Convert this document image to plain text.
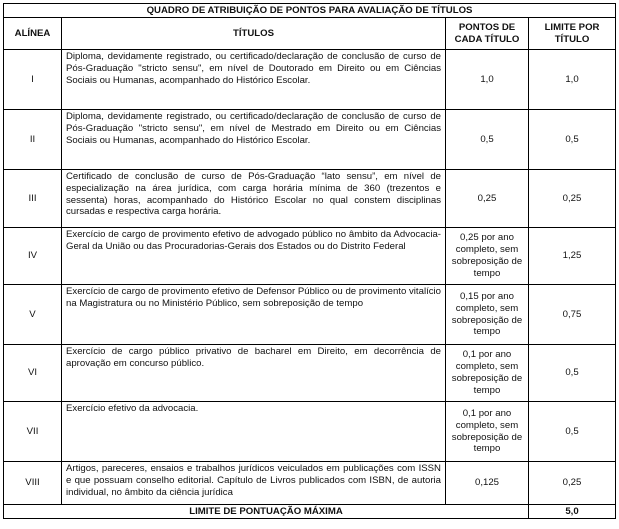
QUADRO DE ATRIBUIÇÃO DE PONTOS PARA AVALIAÇÃO DE TÍTULOS			
ALÍNEA	TÍTULOS	PONTOS DE CADA TÍTULO	LIMITE POR TÍTULO
I	Diploma, devidamente registrado, ou certificado/declaração de conclusão de curso de Pós-Graduação "stricto sensu", em nível de Doutorado em Direito ou em Ciências Sociais ou Humanas, acompanhado do Histórico Escolar.	1,0	1,0
II	Diploma, devidamente registrado, ou certificado/declaração de conclusão de curso de Pós-Graduação "stricto sensu", em nível de Mestrado em Direito ou em Ciências Sociais ou Humanas, acompanhado do Histórico Escolar.	0,5	0,5
III	Certificado de conclusão de curso de Pós-Graduação “lato sensu”, em nível de especialização na área jurídica, com carga horária mínima de 360 (trezentos e sessenta) horas, acompanhado do Histórico Escolar no qual constem disciplinas cursadas e respectiva carga horária.	0,25	0,25
IV	Exercício de cargo de provimento efetivo de advogado público no âmbito da Advocacia-Geral da União ou das Procuradorias-Gerais dos Estados ou do Distrito Federal	0,25 por ano completo, sem sobreposição de tempo	1,25
V	Exercício de cargo de provimento efetivo de Defensor Público ou de provimento vitalício na Magistratura ou no Ministério Público, sem sobreposição de tempo	0,15 por ano completo, sem sobreposição de tempo	0,75
VI	Exercício de cargo público privativo de bacharel em Direito, em decorrência de aprovação em concurso público.	0,1 por ano completo, sem sobreposição de tempo	0,5
VII	Exercício efetivo da advocacia.	0,1 por ano completo, sem sobreposição de tempo	0,5
VIII	Artigos, pareceres, ensaios e trabalhos jurídicos veiculados em publicações com ISSN e que possuam conselho editorial. Capítulo de Livros publicados com ISBN, de autoria individual, no âmbito da ciência jurídica	0,125	0,25
LIMITE DE PONTUAÇÃO MÁXIMA			5,0
